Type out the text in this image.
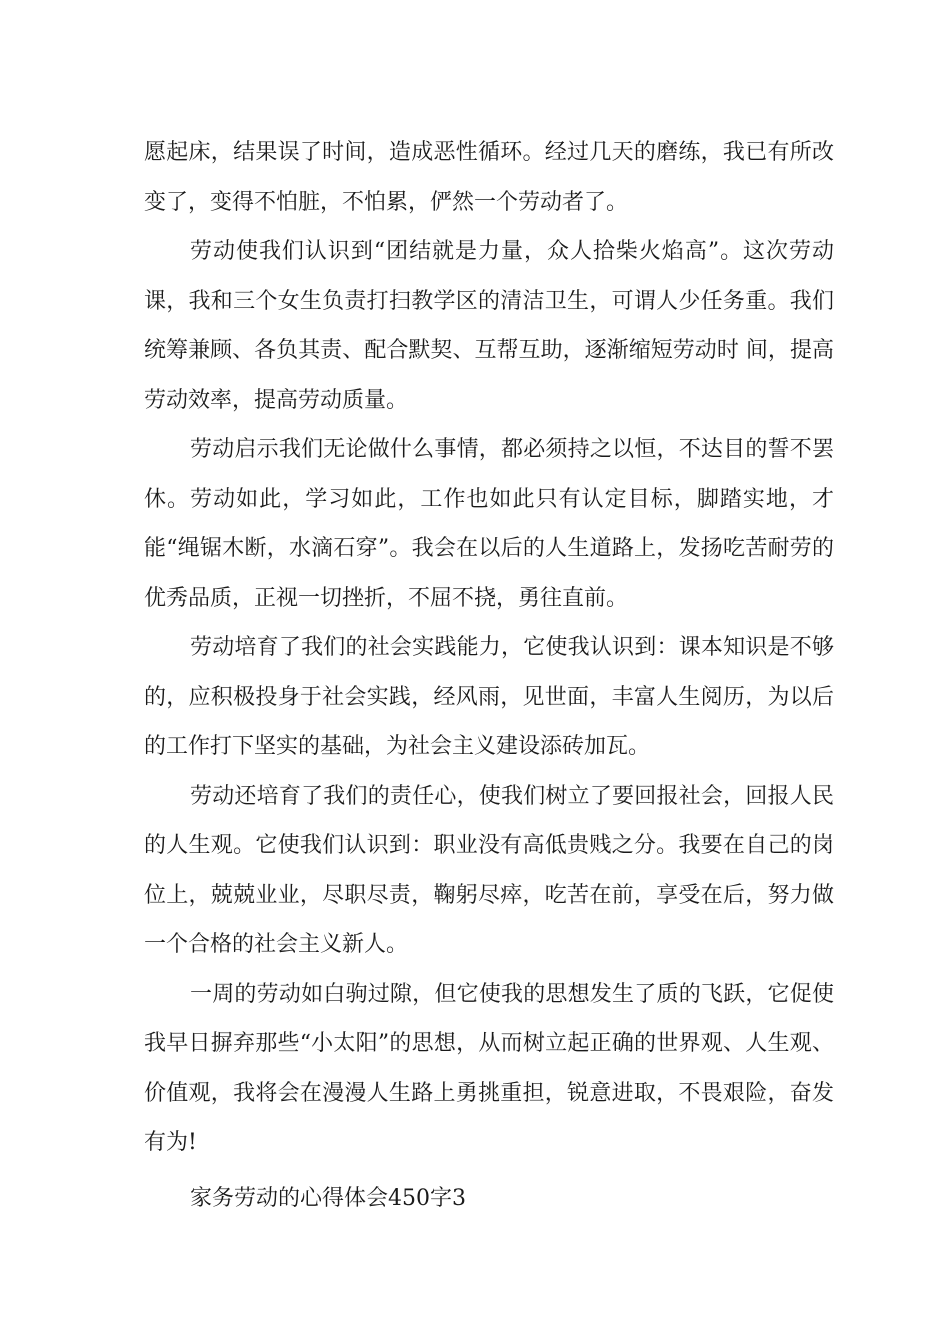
愿起床，结果误了时间，造成恶性循环。经过几天的磨练，我已有所改变了，变得不怕脏，不怕累，俨然一个劳动者了。

劳动使我们认识到“团结就是力量，众人拾柴火焰高”。这次劳动课，我和三个女生负责打扫教学区的清洁卫生，可谓人少任务重。我们统筹兼顾、各负其责、配合默契、互帮互助，逐渐缩短劳动时 间，提高劳动效率，提高劳动质量。

劳动启示我们无论做什么事情，都必须持之以恒，不达目的誓不罢休。劳动如此，学习如此，工作也如此只有认定目标，脚踏实地，才能“绳锯木断，水滴石穿”。我会在以后的人生道路上，发扬吃苦耐劳的优秀品质，正视一切挫折，不屈不挠，勇往直前。

劳动培育了我们的社会实践能力，它使我认识到：课本知识是不够的，应积极投身于社会实践，经风雨，见世面，丰富人生阅历，为以后的工作打下坚实的基础，为社会主义建设添砖加瓦。

劳动还培育了我们的责任心，使我们树立了要回报社会，回报人民的人生观。它使我们认识到：职业没有高低贵贱之分。我要在自己的岗位上，兢兢业业，尽职尽责，鞠躬尽瘁，吃苦在前，享受在后，努力做一个合格的社会主义新人。

一周的劳动如白驹过隙，但它使我的思想发生了质的飞跃，它促使我早日摒弃那些“小太阳”的思想，从而树立起正确的世界观、人生观、价值观，我将会在漫漫人生路上勇挑重担，锐意进取，不畏艰险，奋发有为!

家务劳动的心得体会450字3
